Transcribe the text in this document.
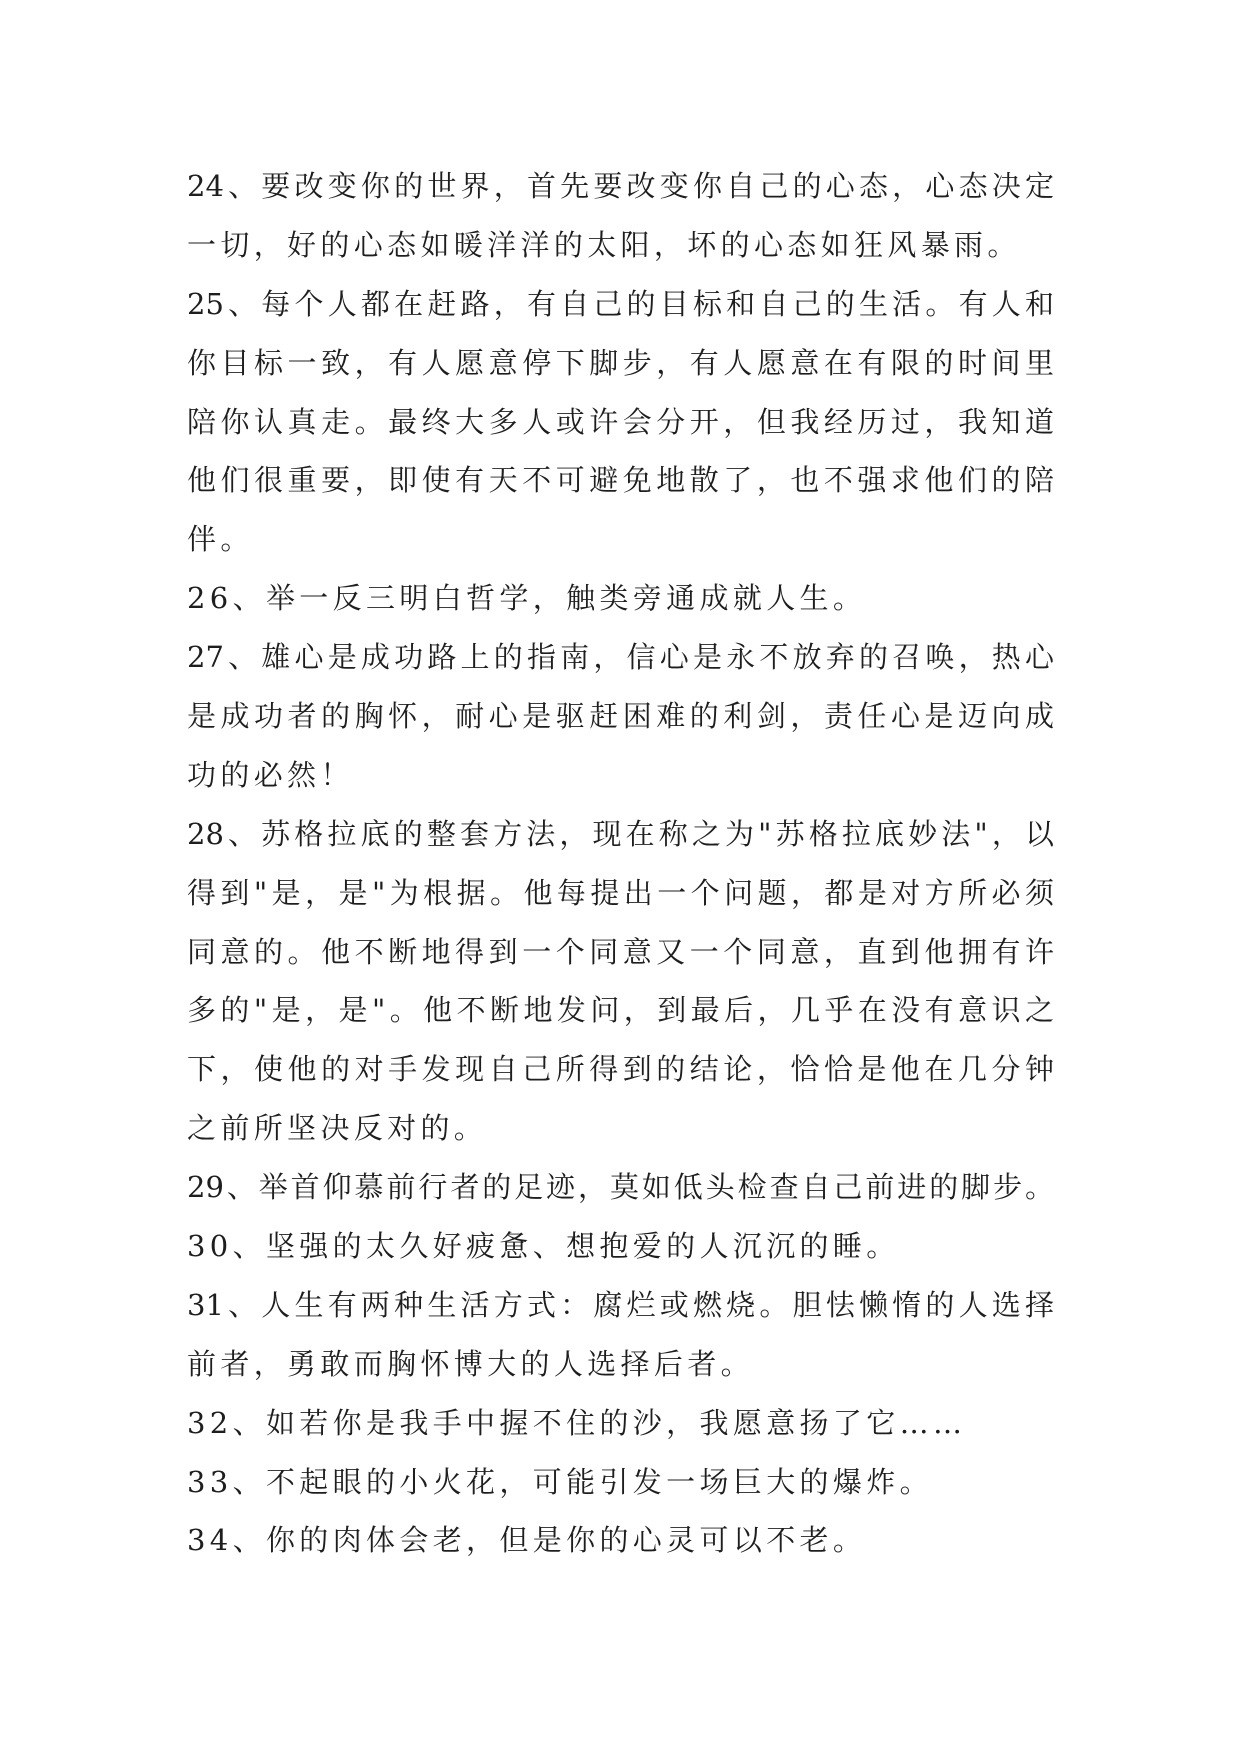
24、要改变你的世界，首先要改变你自己的心态，心态决定
一切，好的心态如暖洋洋的太阳，坏的心态如狂风暴雨。
25、每个人都在赶路，有自己的目标和自己的生活。有人和
你目标一致，有人愿意停下脚步，有人愿意在有限的时间里
陪你认真走。最终大多人或许会分开，但我经历过，我知道
他们很重要，即使有天不可避免地散了，也不强求他们的陪
伴。
26、举一反三明白哲学，触类旁通成就人生。
27、雄心是成功路上的指南，信心是永不放弃的召唤，热心
是成功者的胸怀，耐心是驱赶困难的利剑，责任心是迈向成
功的必然！
28、苏格拉底的整套方法，现在称之为"苏格拉底妙法"，以
得到"是，是"为根据。他每提出一个问题，都是对方所必须
同意的。他不断地得到一个同意又一个同意，直到他拥有许
多的"是，是"。他不断地发问，到最后，几乎在没有意识之
下，使他的对手发现自己所得到的结论，恰恰是他在几分钟
之前所坚决反对的。
29、举首仰慕前行者的足迹，莫如低头检查自己前进的脚步。
30、坚强的太久好疲惫、想抱爱的人沉沉的睡。
31、人生有两种生活方式：腐烂或燃烧。胆怯懒惰的人选择
前者，勇敢而胸怀博大的人选择后者。
32、如若你是我手中握不住的沙，我愿意扬了它……
33、不起眼的小火花，可能引发一场巨大的爆炸。
34、你的肉体会老，但是你的心灵可以不老。
